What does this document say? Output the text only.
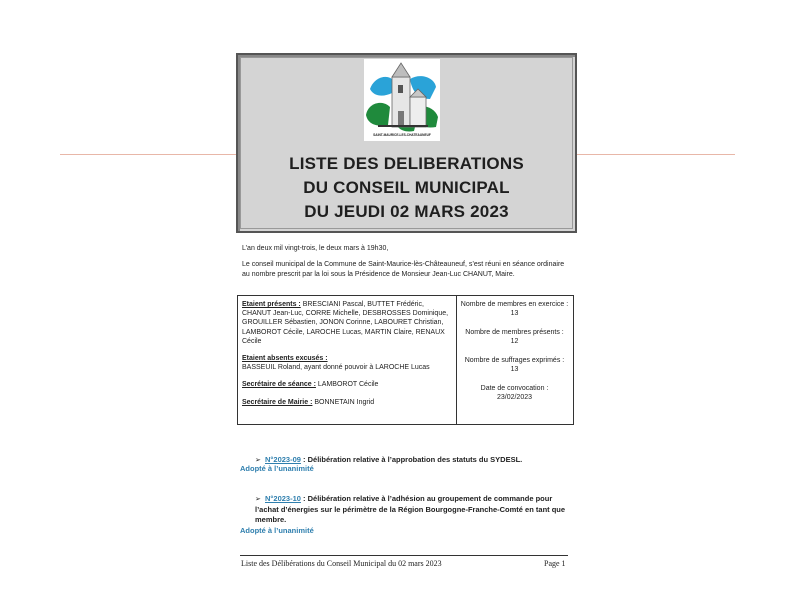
SAINT-MAURICE-LES-CHATEAUNEUF
LISTE DES DELIBERATIONS
DU CONSEIL MUNICIPAL
DU JEUDI 02 MARS 2023
L’an deux mil vingt-trois, le deux mars à 19h30,
Le conseil municipal de la Commune de Saint-Maurice-lès-Châteauneuf, s’est réuni en séance ordinaire au nombre prescrit par la loi sous la Présidence de Monsieur Jean-Luc CHANUT, Maire.
Etaient présents : BRESCIANI Pascal, BUTTET Frédéric, CHANUT Jean-Luc, CORRE Michelle, DESBROSSES Dominique, GROUILLER Sébastien, JONON Corinne, LABOURET Christian, LAMBOROT Cécile, LAROCHE Lucas, MARTIN Claire, RENAUX Cécile
Etaient absents excusés :
BASSEUIL Roland, ayant donné pouvoir à LAROCHE Lucas
Secrétaire de séance : LAMBOROT Cécile
Secrétaire de Mairie : BONNETAIN Ingrid
Nombre de membres en exercice :
13
Nombre de membres présents :
12
Nombre de suffrages exprimés :
13
Date de convocation :
23/02/2023
➢ N°2023-09 : Délibération relative à l’approbation des statuts du SYDESL.
Adopté à l’unanimité
➢ N°2023-10 : Délibération relative à l’adhésion au groupement de commande pour l’achat d’énergies sur le périmètre de la Région Bourgogne-Franche-Comté en tant que membre.
Adopté à l’unanimité
Liste des Délibérations du Conseil Municipal du 02 mars 2023	Page 1
